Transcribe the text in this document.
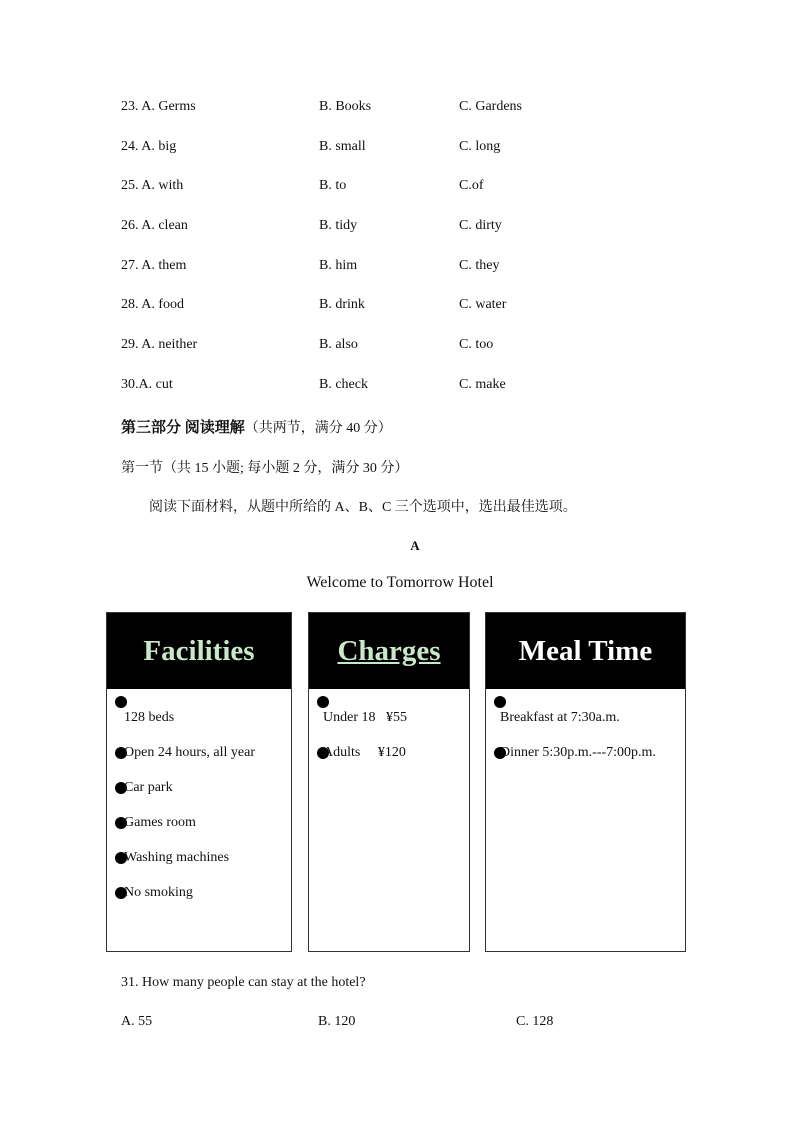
23. A. Germs	B. Books	C. Gardens
24. A. big	B. small	C. long
25. A. with	B. to	C.of
26. A. clean	B. tidy	C. dirty
27. A. them	B. him	C. they
28. A. food	B. drink	C. water
29. A. neither	B. also	C. too
30.A. cut	B. check	C. make
第三部分 阅读理解（共两节，满分 40 分）
第一节（共 15 小题; 每小题 2 分，满分 30 分）
阅读下面材料，从题中所给的 A、B、C 三个选项中，选出最佳选项。
A
Welcome to Tomorrow Hotel
Facilities
128 beds
Open 24 hours, all year
Car park
Games room
Washing machines
No smoking
Charges
Under 18   ¥55
Adults     ¥120
Meal Time
Breakfast at 7:30a.m.
Dinner 5:30p.m.---7:00p.m.
31. How many people can stay at the hotel?
A. 55	B. 120	C. 128
